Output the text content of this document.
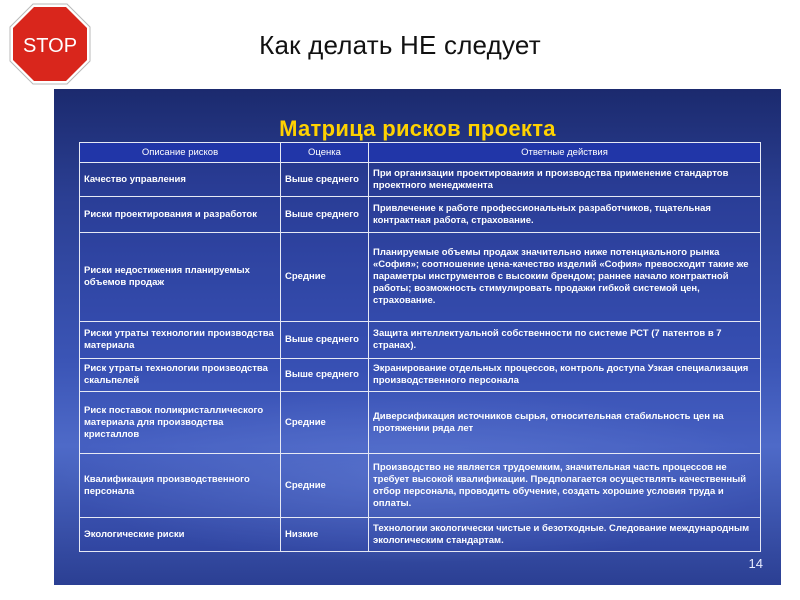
STOP	Как делать НЕ следует
Матрица рисков проекта
Описание рисков	Оценка	Ответные действия
Качество управления	Выше среднего	При организации проектирования и производства применение стандартов проектного менеджмента
Риски проектирования и разработок	Выше среднего	Привлечение к работе профессиональных разработчиков, тщательная контрактная работа, страхование.
Риски недостижения планируемых объемов продаж	Средние	Планируемые объемы продаж значительно ниже потенциального рынка «София»; соотношение цена-качество изделий «София» превосходит такие же параметры инструментов с высоким брендом; раннее начало контрактной работы; возможность стимулировать продажи гибкой системой цен, страхование.
Риски утраты технологии производства материала	Выше среднего	Защита интеллектуальной собственности по системе РСТ (7 патентов в 7 странах).
Риск утраты технологии производства скальпелей	Выше среднего	Экранирование отдельных процессов, контроль доступа Узкая специализация производственного персонала
Риск поставок поликристаллического материала для производства кристаллов	Средние	Диверсификация источников сырья, относительная стабильность цен на протяжении ряда лет
Квалификация производственного персонала	Средние	Производство не является трудоемким, значительная часть процессов не требует высокой квалификации. Предполагается осуществлять качественный отбор персонала, проводить обучение, создать хорошие условия труда и оплаты.
Экологические риски	Низкие	Технологии экологически чистые и безотходные. Следование международным экологическим стандартам.
14
